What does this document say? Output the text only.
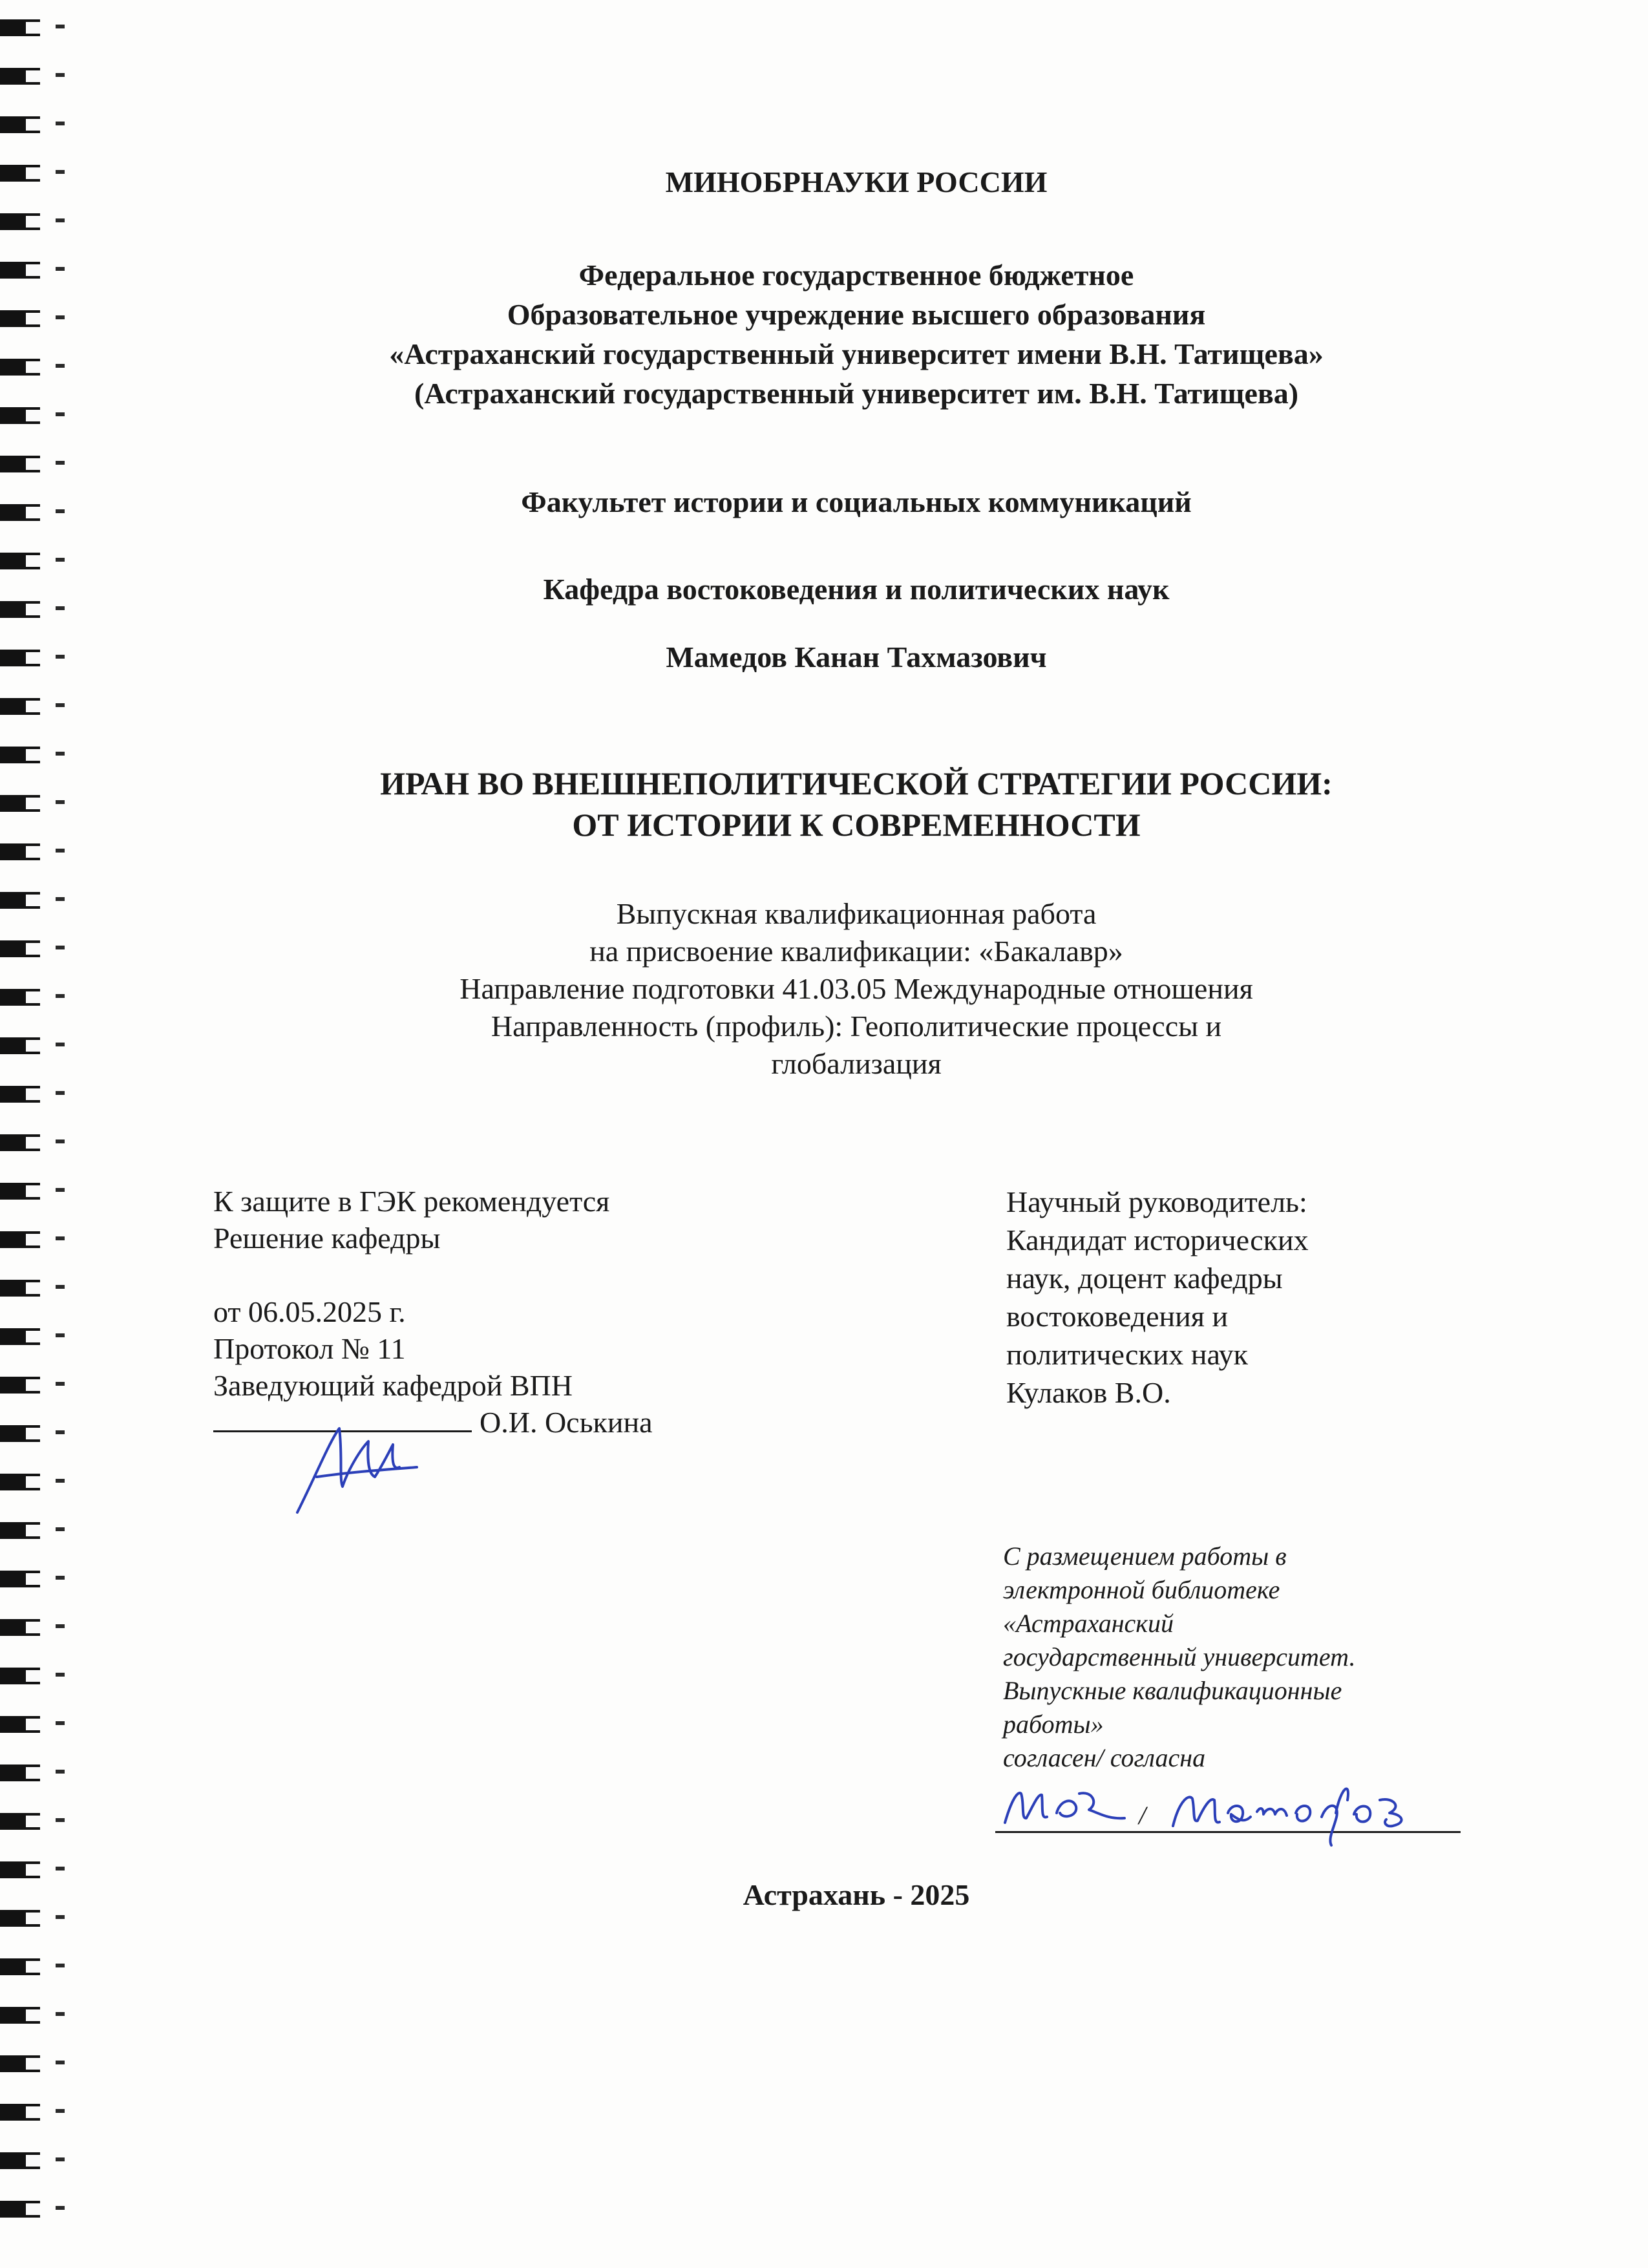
МИНОБРНАУКИ РОССИИ
Федеральное государственное бюджетное
Образовательное учреждение высшего образования
«Астраханский государственный университет имени В.Н. Татищева»
(Астраханский государственный университет им. В.Н. Татищева)
Факультет истории и социальных коммуникаций
Кафедра востоковедения и политических наук
Мамедов Канан Тахмазович
ИРАН ВО ВНЕШНЕПОЛИТИЧЕСКОЙ СТРАТЕГИИ РОССИИ:
ОТ ИСТОРИИ К СОВРЕМЕННОСТИ
Выпускная квалификационная работа
на присвоение квалификации: «Бакалавр»
Направление подготовки 41.03.05 Международные отношения
Направленность (профиль): Геополитические процессы и
глобализация
К защите в ГЭК рекомендуется
Решение кафедры
от 06.05.2025 г.
Протокол № 11
Заведующий кафедрой ВПН
О.И. Оськина
Научный руководитель:
Кандидат исторических
наук, доцент кафедры
востоковедения и
политических наук
Кулаков В.О.
С размещением работы в
электронной библиотеке
«Астраханский
государственный университет.
Выпускные квалификационные
работы»
согласен/ согласна
/
Астрахань - 2025
